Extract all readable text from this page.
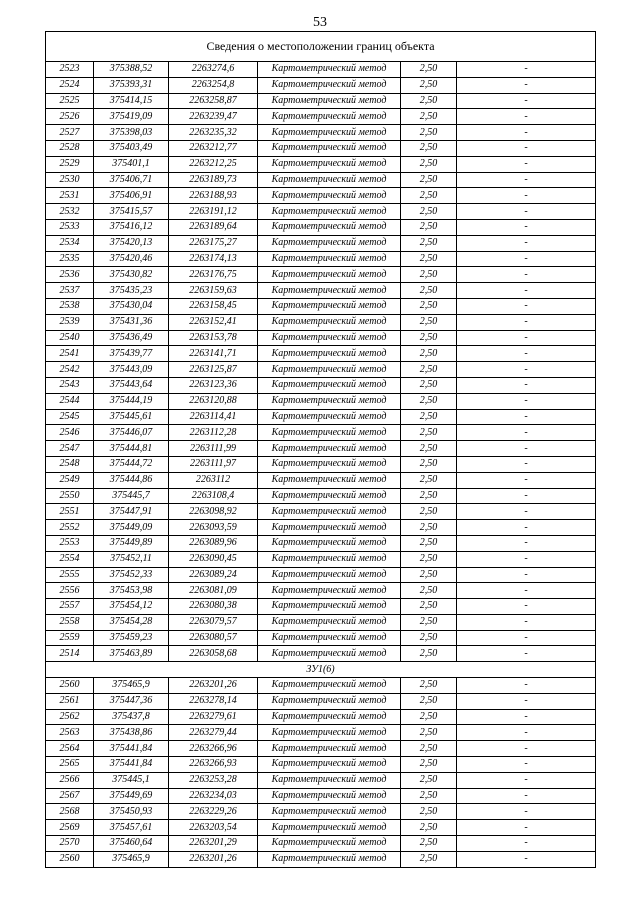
53
Сведения о местоположении границ объекта					
2523	375388,52	2263274,6	Картометрический метод	2,50	-
2524	375393,31	2263254,8	Картометрический метод	2,50	-
2525	375414,15	2263258,87	Картометрический метод	2,50	-
2526	375419,09	2263239,47	Картометрический метод	2,50	-
2527	375398,03	2263235,32	Картометрический метод	2,50	-
2528	375403,49	2263212,77	Картометрический метод	2,50	-
2529	375401,1	2263212,25	Картометрический метод	2,50	-
2530	375406,71	2263189,73	Картометрический метод	2,50	-
2531	375406,91	2263188,93	Картометрический метод	2,50	-
2532	375415,57	2263191,12	Картометрический метод	2,50	-
2533	375416,12	2263189,64	Картометрический метод	2,50	-
2534	375420,13	2263175,27	Картометрический метод	2,50	-
2535	375420,46	2263174,13	Картометрический метод	2,50	-
2536	375430,82	2263176,75	Картометрический метод	2,50	-
2537	375435,23	2263159,63	Картометрический метод	2,50	-
2538	375430,04	2263158,45	Картометрический метод	2,50	-
2539	375431,36	2263152,41	Картометрический метод	2,50	-
2540	375436,49	2263153,78	Картометрический метод	2,50	-
2541	375439,77	2263141,71	Картометрический метод	2,50	-
2542	375443,09	2263125,87	Картометрический метод	2,50	-
2543	375443,64	2263123,36	Картометрический метод	2,50	-
2544	375444,19	2263120,88	Картометрический метод	2,50	-
2545	375445,61	2263114,41	Картометрический метод	2,50	-
2546	375446,07	2263112,28	Картометрический метод	2,50	-
2547	375444,81	2263111,99	Картометрический метод	2,50	-
2548	375444,72	2263111,97	Картометрический метод	2,50	-
2549	375444,86	2263112	Картометрический метод	2,50	-
2550	375445,7	2263108,4	Картометрический метод	2,50	-
2551	375447,91	2263098,92	Картометрический метод	2,50	-
2552	375449,09	2263093,59	Картометрический метод	2,50	-
2553	375449,89	2263089,96	Картометрический метод	2,50	-
2554	375452,11	2263090,45	Картометрический метод	2,50	-
2555	375452,33	2263089,24	Картометрический метод	2,50	-
2556	375453,98	2263081,09	Картометрический метод	2,50	-
2557	375454,12	2263080,38	Картометрический метод	2,50	-
2558	375454,28	2263079,57	Картометрический метод	2,50	-
2559	375459,23	2263080,57	Картометрический метод	2,50	-
2514	375463,89	2263058,68	Картометрический метод	2,50	-
ЗУ1(6)					
2560	375465,9	2263201,26	Картометрический метод	2,50	-
2561	375447,36	2263278,14	Картометрический метод	2,50	-
2562	375437,8	2263279,61	Картометрический метод	2,50	-
2563	375438,86	2263279,44	Картометрический метод	2,50	-
2564	375441,84	2263266,96	Картометрический метод	2,50	-
2565	375441,84	2263266,93	Картометрический метод	2,50	-
2566	375445,1	2263253,28	Картометрический метод	2,50	-
2567	375449,69	2263234,03	Картометрический метод	2,50	-
2568	375450,93	2263229,26	Картометрический метод	2,50	-
2569	375457,61	2263203,54	Картометрический метод	2,50	-
2570	375460,64	2263201,29	Картометрический метод	2,50	-
2560	375465,9	2263201,26	Картометрический метод	2,50	-
